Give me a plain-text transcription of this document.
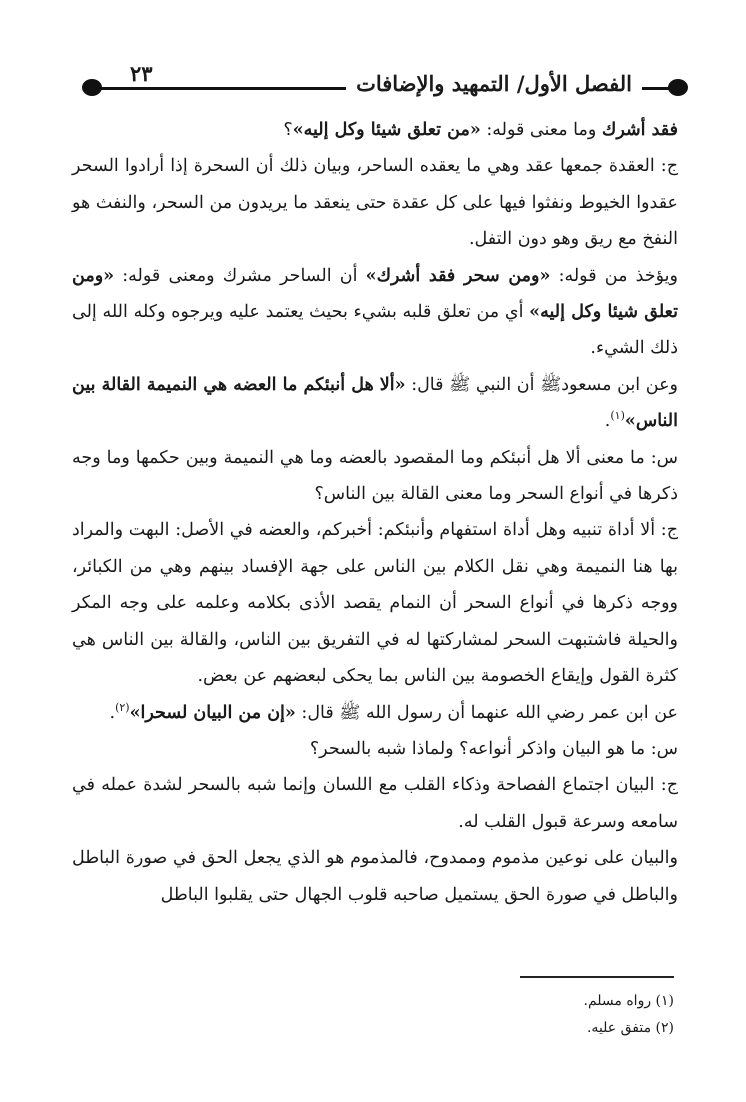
٢٣	الفصل الأول/ التمهيد والإضافات

فقد أشرك وما معنى قوله: «من تعلق شيئا وكل إليه»؟

ج: العقدة جمعها عقد وهي ما يعقده الساحر، وبيان ذلك أن السحرة إذا أرادوا السحر عقدوا الخيوط ونفثوا فيها على كل عقدة حتى ينعقد ما يريدون من السحر، والنفث هو النفخ مع ريق وهو دون التفل.

ويؤخذ من قوله: «ومن سحر فقد أشرك» أن الساحر مشرك ومعنى قوله: «ومن تعلق شيئا وكل إليه» أي من تعلق قلبه بشيء بحيث يعتمد عليه ويرجوه وكله الله إلى ذلك الشيء.

وعن ابن مسعودﷺ أن النبي ﷺ قال: «ألا هل أنبئكم ما العضه هي النميمة القالة بين الناس»$^{(١)}$.

س: ما معنى ألا هل أنبئكم وما المقصود بالعضه وما هي النميمة وبين حكمها وما وجه ذكرها في أنواع السحر وما معنى القالة بين الناس؟

ج: ألا أداة تنبيه وهل أداة استفهام وأنبئكم: أخبركم، والعضه في الأصل: البهت والمراد بها هنا النميمة وهي نقل الكلام بين الناس على جهة الإفساد بينهم وهي من الكبائر، ووجه ذكرها في أنواع السحر أن النمام يقصد الأذى بكلامه وعلمه على وجه المكر والحيلة فاشتبهت السحر لمشاركتها له في التفريق بين الناس، والقالة بين الناس هي كثرة القول وإيقاع الخصومة بين الناس بما يحكى لبعضهم عن بعض.

عن ابن عمر رضي الله عنهما أن رسول الله ﷺ قال: «إن من البيان لسحرا»$^{(٢)}$.

س: ما هو البيان واذكر أنواعه؟ ولماذا شبه بالسحر؟

ج: البيان اجتماع الفصاحة وذكاء القلب مع اللسان وإنما شبه بالسحر لشدة عمله في سامعه وسرعة قبول القلب له.

والبيان على نوعين مذموم وممدوح، فالمذموم هو الذي يجعل الحق في صورة الباطل والباطل في صورة الحق يستميل صاحبه قلوب الجهال حتى يقلبوا الباطل

(١) رواه مسلم.
(٢) متفق عليه.
